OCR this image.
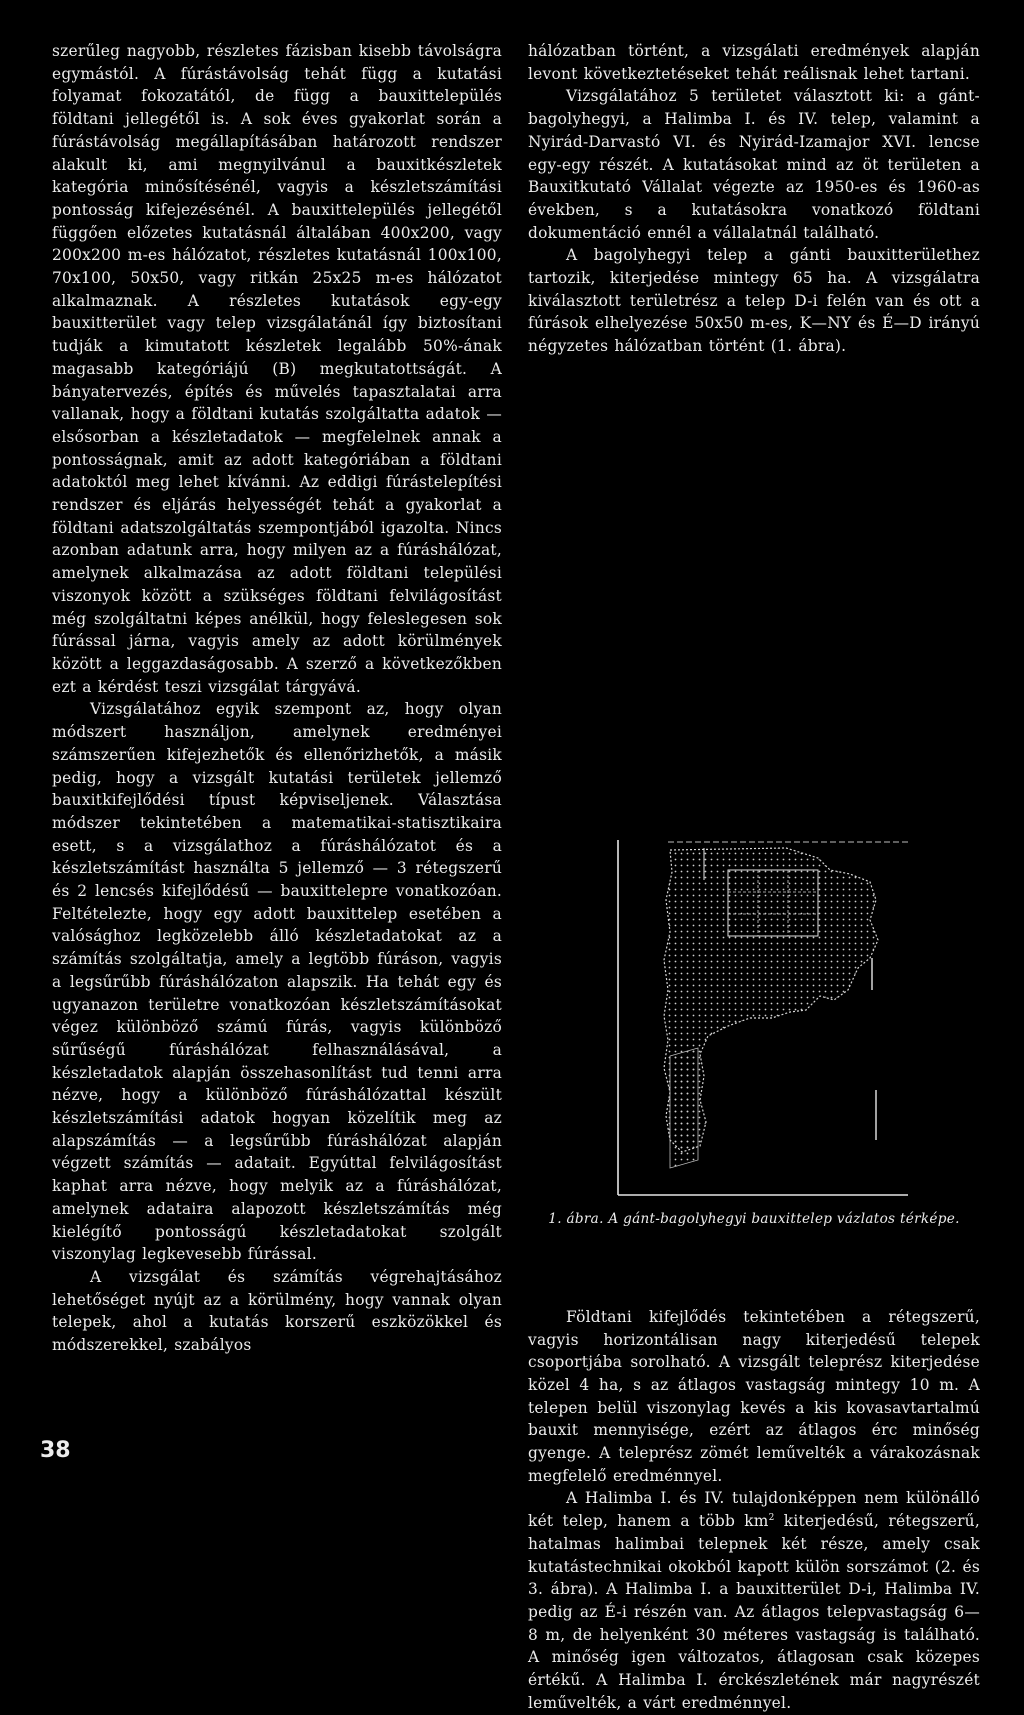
szerűleg nagyobb, részletes fázisban kisebb távolságra egymástól. A fúrástávolság tehát függ a kutatási folyamat fokozatától, de függ a bauxittelepülés földtani jellegétől is. A sok éves gyakorlat során a fúrástávolság megállapításában határozott rendszer alakult ki, ami megnyilvánul a bauxitkészletek kategória minősítésénél, vagyis a készletszámítási pontosság kifejezésénél. A bauxittelepülés jellegétől függően előzetes kutatásnál általában 400x200, vagy 200x200 m-es hálózatot, részletes kutatásnál 100x100, 70x100, 50x50, vagy ritkán 25x25 m-es hálózatot alkalmaznak. A részletes kutatások egy-egy bauxitterület vagy telep vizsgálatánál így biztosítani tudják a kimutatott készletek legalább 50%-ának magasabb kategóriájú (B) megkutatottságát. A bányatervezés, építés és művelés tapasztalatai arra vallanak, hogy a földtani kutatás szolgáltatta adatok — elsősorban a készletadatok — megfelelnek annak a pontosságnak, amit az adott kategóriában a földtani adatoktól meg lehet kívánni. Az eddigi fúrástelepítési rendszer és eljárás helyességét tehát a gyakorlat a földtani adatszolgáltatás szempontjából igazolta. Nincs azonban adatunk arra, hogy milyen az a fúráshálózat, amelynek alkalmazása az adott földtani települési viszonyok között a szükséges földtani felvilágosítást még szolgáltatni képes anélkül, hogy feleslegesen sok fúrással járna, vagyis amely az adott körülmények között a leggazdaságosabb. A szerző a következőkben ezt a kérdést teszi vizsgálat tárgyává.

Vizsgálatához egyik szempont az, hogy olyan módszert használjon, amelynek eredményei számszerűen kifejezhetők és ellenőrizhetők, a másik pedig, hogy a vizsgált kutatási területek jellemző bauxitkifejlődési típust képviseljenek. Választása módszer tekintetében a matematikai-statisztikaira esett, s a vizsgálathoz a fúráshálózatot és a készletszámítást használta 5 jellemző — 3 rétegszerű és 2 lencsés kifejlődésű — bauxittelepre vonatkozóan. Feltételezte, hogy egy adott bauxittelep esetében a valósághoz legközelebb álló készletadatokat az a számítás szolgáltatja, amely a legtöbb fúráson, vagyis a legsűrűbb fúráshálózaton alapszik. Ha tehát egy és ugyanazon területre vonatkozóan készletszámításokat végez különböző számú fúrás, vagyis különböző sűrűségű fúráshálózat felhasználásával, a készletadatok alapján összehasonlítást tud tenni arra nézve, hogy a különböző fúráshálózattal készült készletszámítási adatok hogyan közelítik meg az alapszámítás — a legsűrűbb fúráshálózat alapján végzett számítás — adatait. Egyúttal felvilágosítást kaphat arra nézve, hogy melyik az a fúráshálózat, amelynek adataira alapozott készletszámítás még kielégítő pontosságú készletadatokat szolgált viszonylag legkevesebb fúrással.

A vizsgálat és számítás végrehajtásához lehetőséget nyújt az a körülmény, hogy vannak olyan telepek, ahol a kutatás korszerű eszközökkel és módszerekkel, szabályos

hálózatban történt, a vizsgálati eredmények alapján levont következtetéseket tehát reálisnak lehet tartani.

Vizsgálatához 5 területet választott ki: a gánt-bagolyhegyi, a Halimba I. és IV. telep, valamint a Nyirád-Darvastó VI. és Nyirád-Izamajor XVI. lencse egy-egy részét. A kutatásokat mind az öt területen a Bauxitkutató Vállalat végezte az 1950-es és 1960-as években, s a kutatásokra vonatkozó földtani dokumentáció ennél a vállalatnál található.

A bagolyhegyi telep a gánti bauxitterülethez tartozik, kiterjedése mintegy 65 ha. A vizsgálatra kiválasztott területrész a telep D-i felén van és ott a fúrások elhelyezése 50x50 m-es, K—NY és É—D irányú négyzetes hálózatban történt (1. ábra).

1. ábra. A gánt-bagolyhegyi bauxittelep vázlatos térképe.

Földtani kifejlődés tekintetében a rétegszerű, vagyis horizontálisan nagy kiterjedésű telepek csoportjába sorolható. A vizsgált teleprész kiterjedése közel 4 ha, s az átlagos vastagság mintegy 10 m. A telepen belül viszonylag kevés a kis kovasavtartalmú bauxit mennyisége, ezért az átlagos érc minőség gyenge. A teleprész zömét leművelték a várakozásnak megfelelő eredménnyel.

A Halimba I. és IV. tulajdonképpen nem különálló két telep, hanem a több $km^2$ kiterjedésű, rétegszerű, hatalmas halimbai telepnek két része, amely csak kutatástechnikai okokból kapott külön sorszámot (2. és 3. ábra). A Halimba I. a bauxitterület D-i, Halimba IV. pedig az É-i részén van. Az átlagos telepvastagság 6—8 m, de helyenként 30 méteres vastagság is található. A minőség igen változatos, átlagosan csak közepes értékű. A Halimba I. érckészletének már nagyrészét leművelték, a várt eredménnyel.

38
